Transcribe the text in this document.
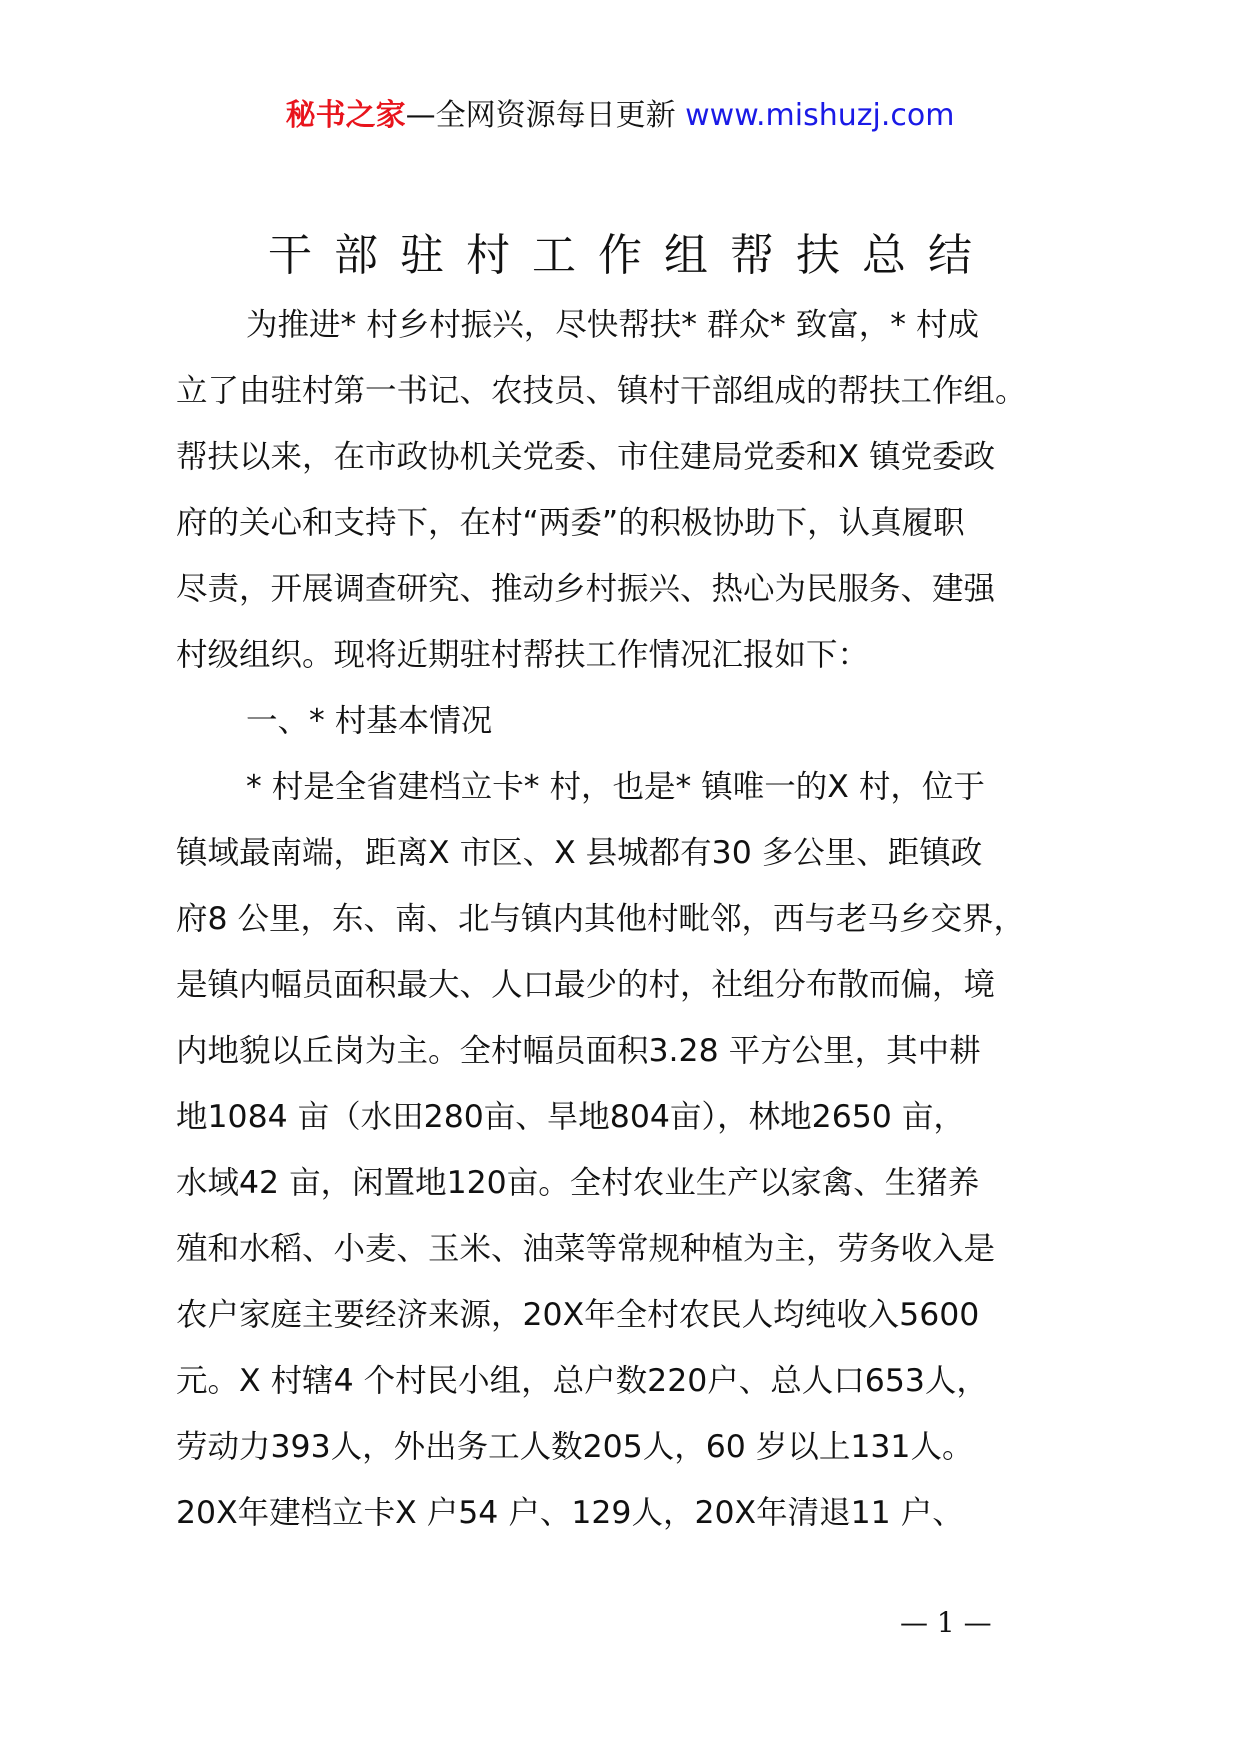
秘书之家—全网资源每日更新 www.mishuzj.com
干部驻村工作组帮扶总结
为推进* 村乡村振兴，尽快帮扶* 群众* 致富，* 村成
立了由驻村第一书记、农技员、镇村干部组成的帮扶工作组。
帮扶以来，在市政协机关党委、市住建局党委和X 镇党委政
府的关心和支持下，在村“两委”的积极协助下，认真履职
尽责，开展调查研究、推动乡村振兴、热心为民服务、建强
村级组织。现将近期驻村帮扶工作情况汇报如下：
一、* 村基本情况
* 村是全省建档立卡* 村，也是* 镇唯一的X 村，位于
镇域最南端，距离X 市区、X 县城都有30 多公里、距镇政
府8 公里，东、南、北与镇内其他村毗邻，西与老马乡交界，
是镇内幅员面积最大、人口最少的村，社组分布散而偏，境
内地貌以丘岗为主。全村幅员面积3.28 平方公里，其中耕
地1084 亩（水田280亩、旱地804亩），林地2650 亩，
水域42 亩，闲置地120亩。全村农业生产以家禽、生猪养
殖和水稻、小麦、玉米、油菜等常规种植为主，劳务收入是
农户家庭主要经济来源，20X年全村农民人均纯收入5600
元。X 村辖4 个村民小组，总户数220户、总人口653人，
劳动力393人，外出务工人数205人，60 岁以上131人。
20X年建档立卡X 户54 户、129人，20X年清退11 户、
— 1 —
